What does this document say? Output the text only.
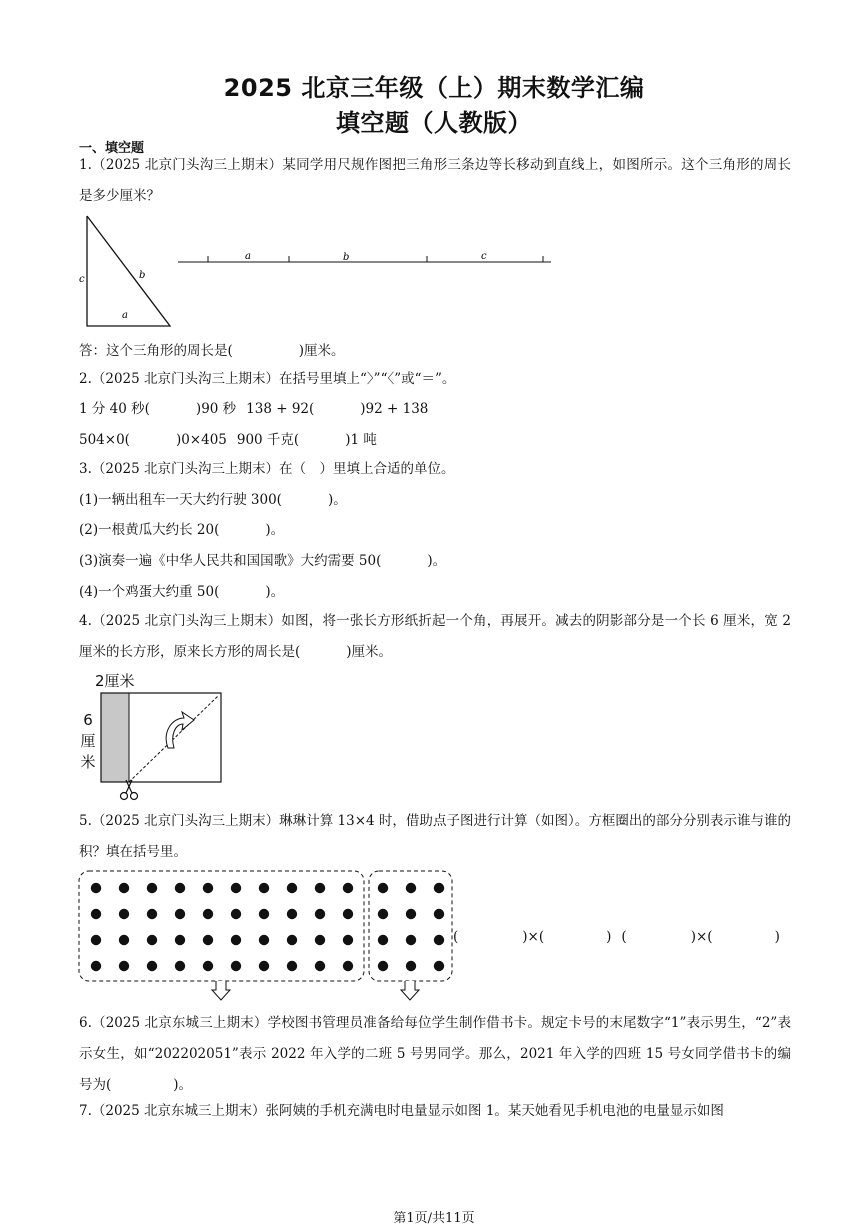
2025 北京三年级（上）期末数学汇编
填空题（人教版）
一、填空题
1.（2025 北京门头沟三上期末）某同学用尺规作图把三角形三条边等长移动到直线上，如图所示。这个三角形的周长是多少厘米？
c	b
a
a	b	c
答：这个三角形的周长是(	)厘米。
2.（2025 北京门头沟三上期末）在括号里填上“〉”“〈”或“＝”。
1 分 40 秒(	)90 秒 138 + 92(	)92 + 138
504×0(	)0×405 900 千克(	)1 吨
3.（2025 北京门头沟三上期末）在（　）里填上合适的单位。
(1)一辆出租车一天大约行驶 300(	)。
(2)一根黄瓜大约长 20(	)。
(3)演奏一遍《中华人民共和国国歌》大约需要 50(	)。
(4)一个鸡蛋大约重 50(	)。
4.（2025 北京门头沟三上期末）如图，将一张长方形纸折起一个角，再展开。减去的阴影部分是一个长 6 厘米，宽 2 厘米的长方形，原来长方形的周长是(	)厘米。
2厘米
6
厘
米
5.（2025 北京门头沟三上期末）琳琳计算 13×4 时，借助点子图进行计算（如图）。方框圈出的部分分别表示谁与谁的积？填在括号里。
(	)×(	) (	)×(	)
6.（2025 北京东城三上期末）学校图书管理员准备给每位学生制作借书卡。规定卡号的末尾数字“1”表示男生，“2”表示女生，如“202202051”表示 2022 年入学的二班 5 号男同学。那么，2021 年入学的四班 15 号女同学借书卡的编号为(	)。
7.（2025 北京东城三上期末）张阿姨的手机充满电时电量显示如图 1。某天她看见手机电池的电量显示如图
第1页/共11页
